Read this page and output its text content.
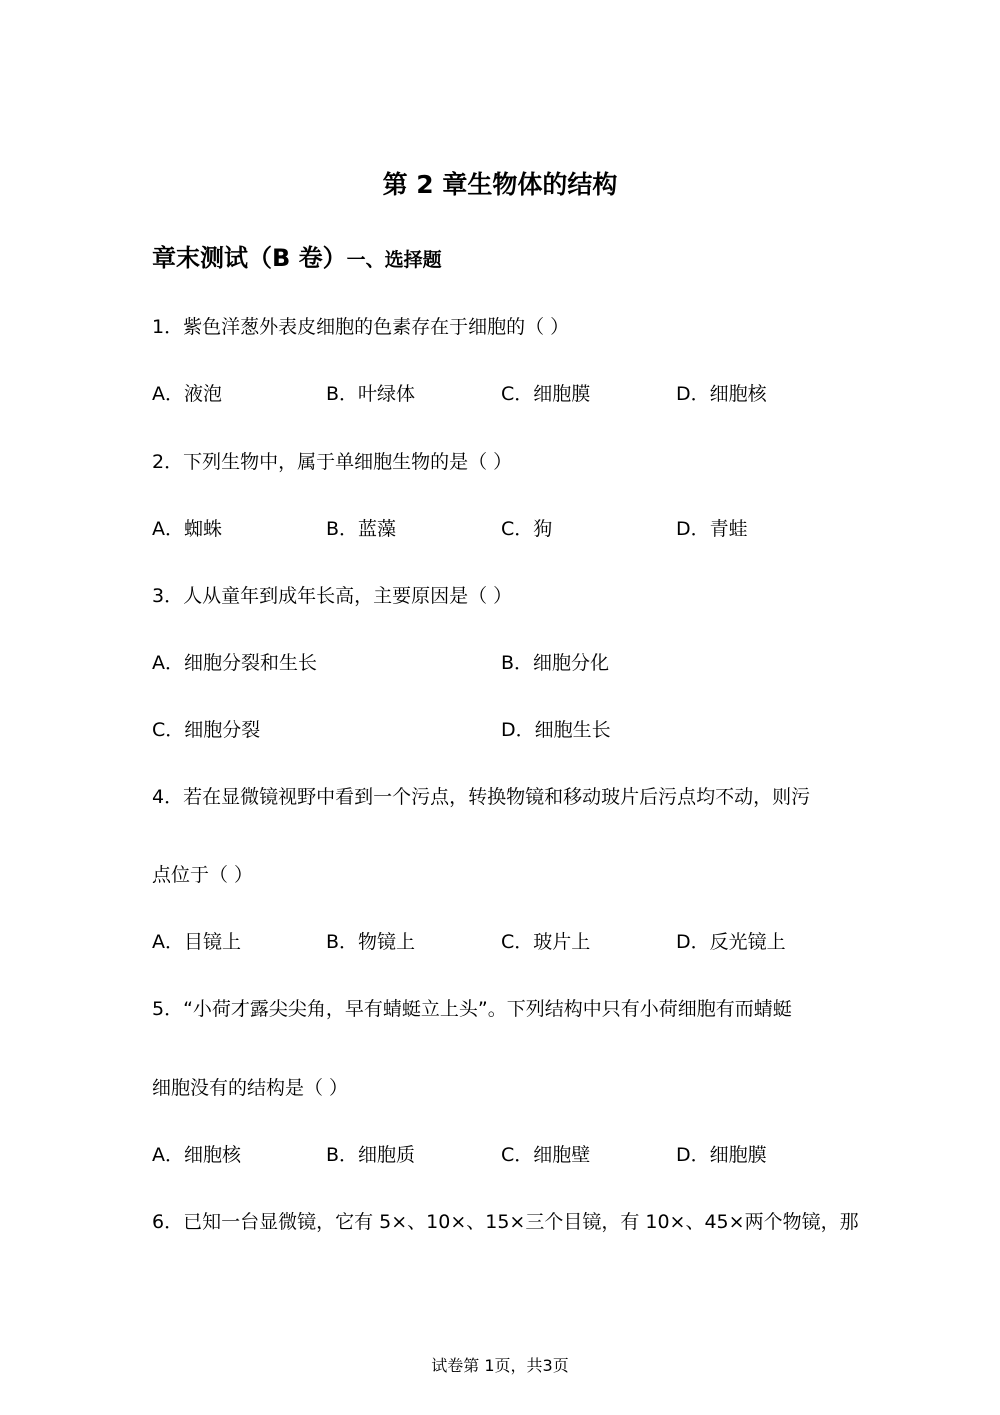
第 2 章生物体的结构
章末测试（B 卷）一、选择题
1．紫色洋葱外表皮细胞的色素存在于细胞的（ ）
A．液泡	B．叶绿体	C．细胞膜	D．细胞核
2．下列生物中，属于单细胞生物的是（ ）
A．蜘蛛	B．蓝藻	C．狗	D．青蛙
3．人从童年到成年长高，主要原因是（ ）
A．细胞分裂和生长	B．细胞分化
C．细胞分裂	D．细胞生长
4．若在显微镜视野中看到一个污点，转换物镜和移动玻片后污点均不动，则污
点位于（ ）
A．目镜上	B．物镜上	C．玻片上	D．反光镜上
5．“小荷才露尖尖角，早有蜻蜓立上头”。下列结构中只有小荷细胞有而蜻蜓
细胞没有的结构是（ ）
A．细胞核	B．细胞质	C．细胞壁	D．细胞膜
6．已知一台显微镜，它有 5×、10×、15×三个目镜，有 10×、45×两个物镜，那
试卷第 1页，共3页
